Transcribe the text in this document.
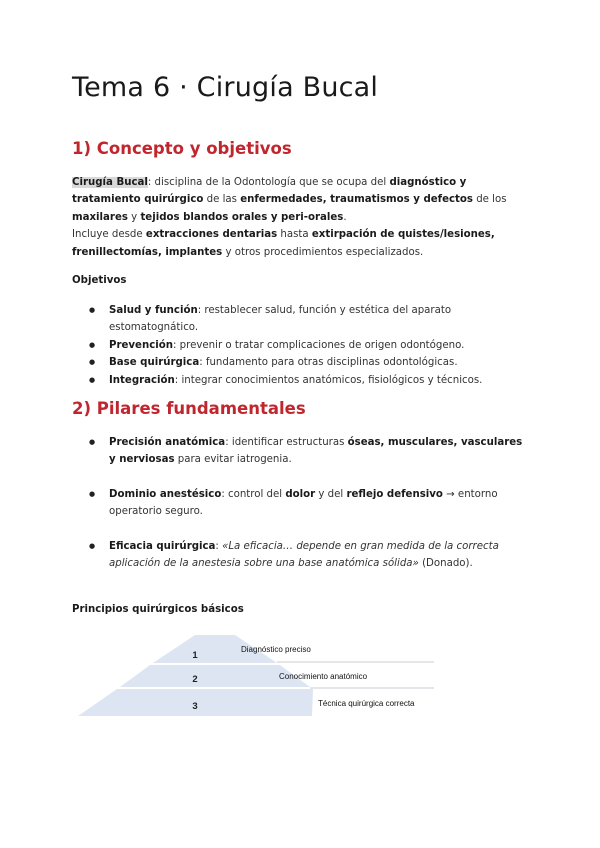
Tema 6 · Cirugía Bucal
1) Concepto y objetivos

Cirugía Bucal: disciplina de la Odontología que se ocupa del diagnóstico y tratamiento quirúrgico de las enfermedades, traumatismos y defectos de los maxilares y tejidos blandos orales y peri-orales.
Incluye desde extracciones dentarias hasta extirpación de quistes/lesiones, frenillectomías, implantes y otros procedimientos especializados.

Objetivos

● Salud y función: restablecer salud, función y estética del aparato estomatognático.
● Prevención: prevenir o tratar complicaciones de origen odontógeno.
● Base quirúrgica: fundamento para otras disciplinas odontológicas.
● Integración: integrar conocimientos anatómicos, fisiológicos y técnicos.
2) Pilares fundamentales
● Precisión anatómica: identificar estructuras óseas, musculares, vasculares y nerviosas para evitar iatrogenia.
● Dominio anestésico: control del dolor y del reflejo defensivo → entorno operatorio seguro.
● Eficacia quirúrgica: «La eficacia… depende en gran medida de la correcta aplicación de la anestesia sobre una base anatómica sólida» (Donado).

Principios quirúrgicos básicos

1
2
3
Diagnóstico preciso
Conocimiento anatómico
Técnica quirúrgica correcta
